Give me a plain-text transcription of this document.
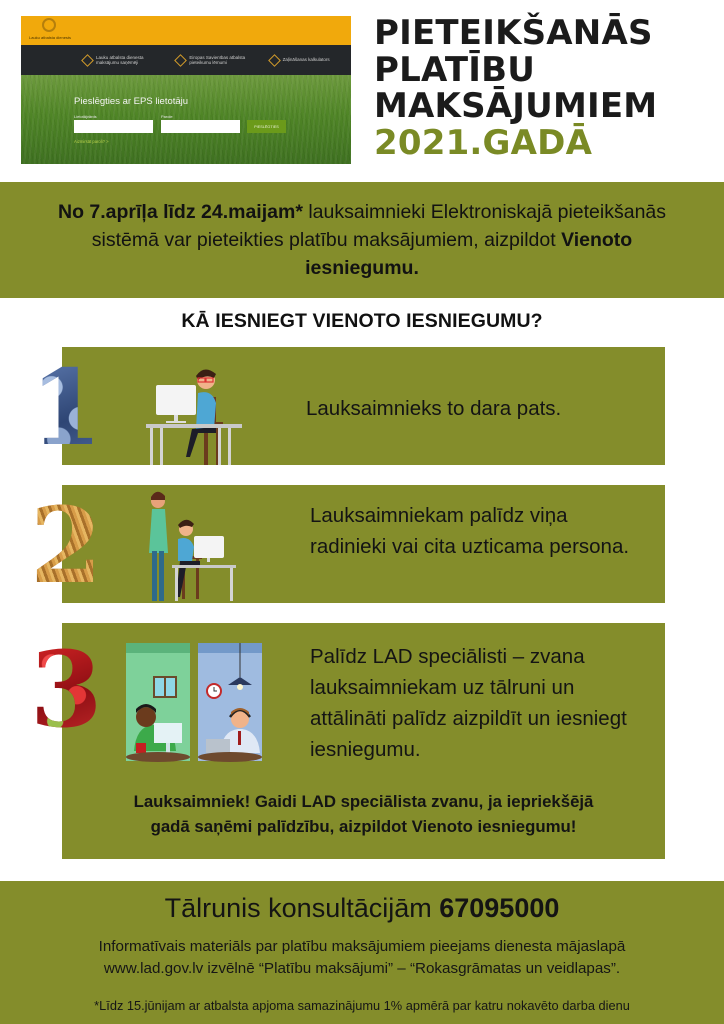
Lauku atbalsta dienests
Lauku atbalsta dienesta maksājumu saņēmēji
Eiropas Savienības atbalsta pieteikumu lēmumi
Zaļināšanas kalkulators
Pieslēgties ar EPS lietotāju
Lietotājvārds	Parole
PIESLĒGTIES
Aizmirsāt paroli? >
PIETEIKŠANĀS
PLATĪBU
MAKSĀJUMIEM
2021.GADĀ

No 7.aprīļa līdz 24.maijam* lauksaimnieki Elektroniskajā pieteikšanās sistēmā var pieteikties platību maksājumiem, aizpildot Vienoto iesniegumu.

KĀ IESNIEGT VIENOTO IESNIEGUMU?
Lauksaimnieks to dara pats.
1
Lauksaimniekam palīdz viņa radinieki vai cita uzticama persona.
2
Palīdz LAD speciālisti – zvana lauksaimniekam uz tālruni un attālināti palīdz aizpildīt un iesniegt iesniegumu.
Lauksaimniek! Gaidi LAD speciālista zvanu, ja iepriekšējā gadā saņēmi palīdzību, aizpildot Vienoto iesniegumu!
3
Tālrunis konsultācijām 67095000
Informatīvais materiāls par platību maksājumiem pieejams dienesta mājaslapā
www.lad.gov.lv izvēlnē “Platību maksājumi” – “Rokasgrāmatas un veidlapas”.
*Līdz 15.jūnijam ar atbalsta apjoma samazinājumu 1% apmērā par katru nokavēto darba dienu
